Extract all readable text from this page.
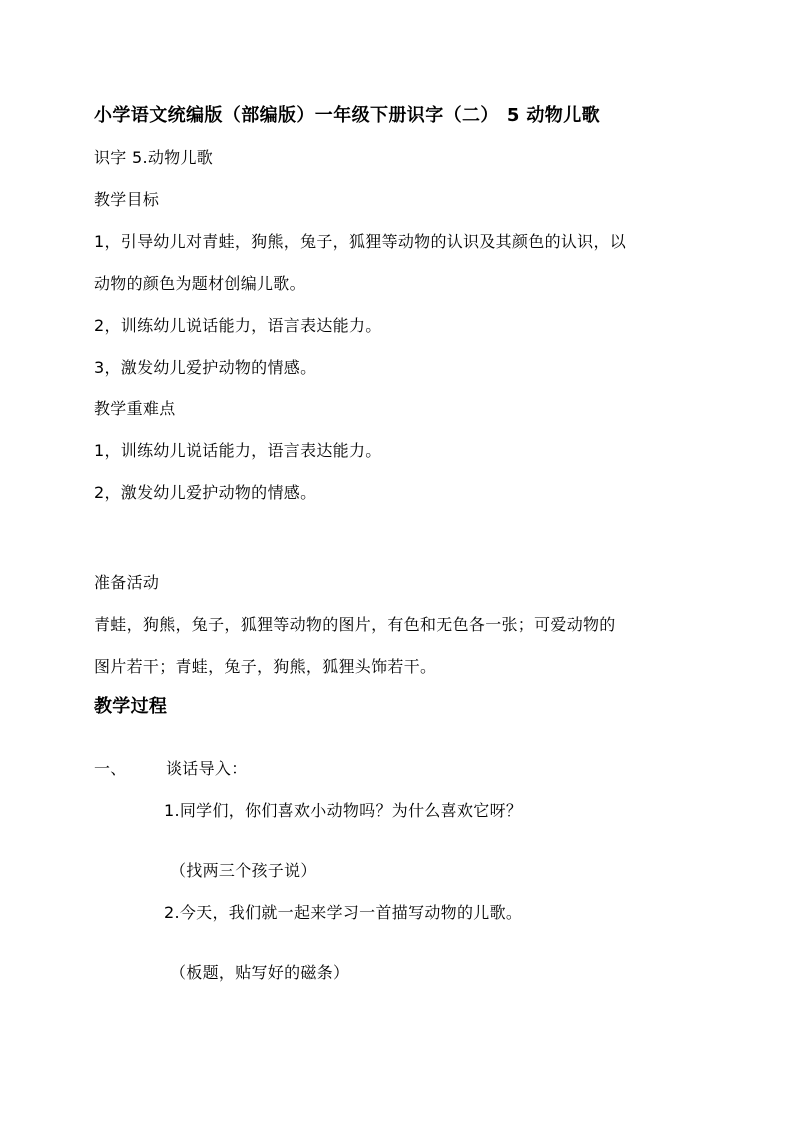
小学语文统编版（部编版）一年级下册识字（二） 5 动物儿歌
识字 5.动物儿歌
教学目标
1，引导幼儿对青蛙，狗熊，兔子，狐狸等动物的认识及其颜色的认识，以
动物的颜色为题材创编儿歌。
2，训练幼儿说话能力，语言表达能力。
3，激发幼儿爱护动物的情感。
教学重难点
1，训练幼儿说话能力，语言表达能力。
2，激发幼儿爱护动物的情感。
准备活动
青蛙，狗熊，兔子，狐狸等动物的图片，有色和无色各一张；可爱动物的
图片若干；青蛙，兔子，狗熊，狐狸头饰若干。
教学过程
一、 谈话导入：
1.同学们，你们喜欢小动物吗？为什么喜欢它呀？
（找两三个孩子说）
2.今天，我们就一起来学习一首描写动物的儿歌。
（板题，贴写好的磁条）
